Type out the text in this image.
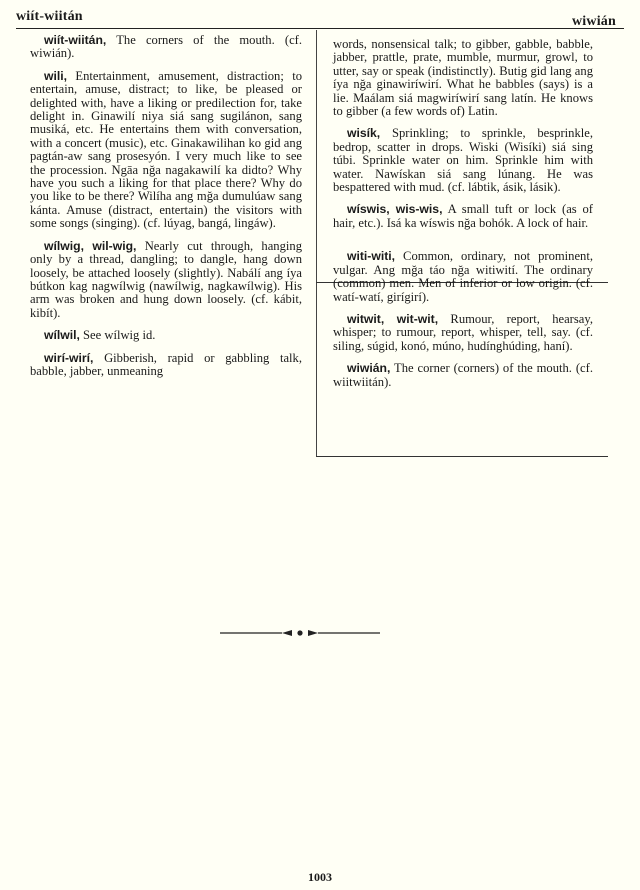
wiít-wiitán	wiwián

wiít-wiitán, The corners of the mouth. (cf. wiwián).

wili, Entertainment, amusement, distraction; to entertain, amuse, distract; to like, be pleased or delighted with, have a liking or predilection for, take delight in. Ginawilí niya siá sang sugilánon, sang musiká, etc. He entertains them with conversation, with a concert (music), etc. Ginakawilihan ko gid ang pagtán-aw sang prosesyón. I very much like to see the procession. Ngāa nğa nagakawilí ka didto? Why have you such a liking for that place there? Why do you like to be there? Wilíha ang mğa dumulúaw sang kánta. Amuse (distract, entertain) the visitors with some songs (singing). (cf. lúyag, bangá, lingáw).

wílwig, wil-wig, Nearly cut through, hanging only by a thread, dangling; to dangle, hang down loosely, be attached loosely (slightly). Nabálí ang íya bútkon kag nagwílwig (nawílwig, nagkawílwig). His arm was broken and hung down loosely. (cf. kábit, kibít).

wílwil, See wílwig id.

wirí-wirí, Gibberish, rapid or gabbling talk, babble, jabber, unmeaning

words, nonsensical talk; to gibber, gabble, babble, jabber, prattle, prate, mumble, murmur, growl, to utter, say or speak (indistinctly). Butig gid lang ang íya nğa ginawiríwirí. What he babbles (says) is a lie. Maálam siá magwiríwirí sang latín. He knows to gibber (a few words of) Latin.

wisík, Sprinkling; to sprinkle, besprinkle, bedrop, scatter in drops. Wiski (Wisíki) siá sing túbi. Sprinkle water on him. Sprinkle him with water. Nawískan siá sang lúnang. He was bespattered with mud. (cf. lábtik, ásik, lásik).

wíswis, wis-wis, A small tuft or lock (as of hair, etc.). Isá ka wíswis nğa bohók. A lock of hair.

witi-witi, Common, ordinary, not prominent, vulgar. Ang mğa táo nğa witiwití. The ordinary (common) men. Men of inferior or low origin. (cf. watí-watí, girígirí).

witwit, wit-wit, Rumour, report, hearsay, whisper; to rumour, report, whisper, tell, say. (cf. siling, súgid, konó, múno, hudínghúding, haní).

wiwián, The corner (corners) of the mouth. (cf. wiitwiitán).

1003
